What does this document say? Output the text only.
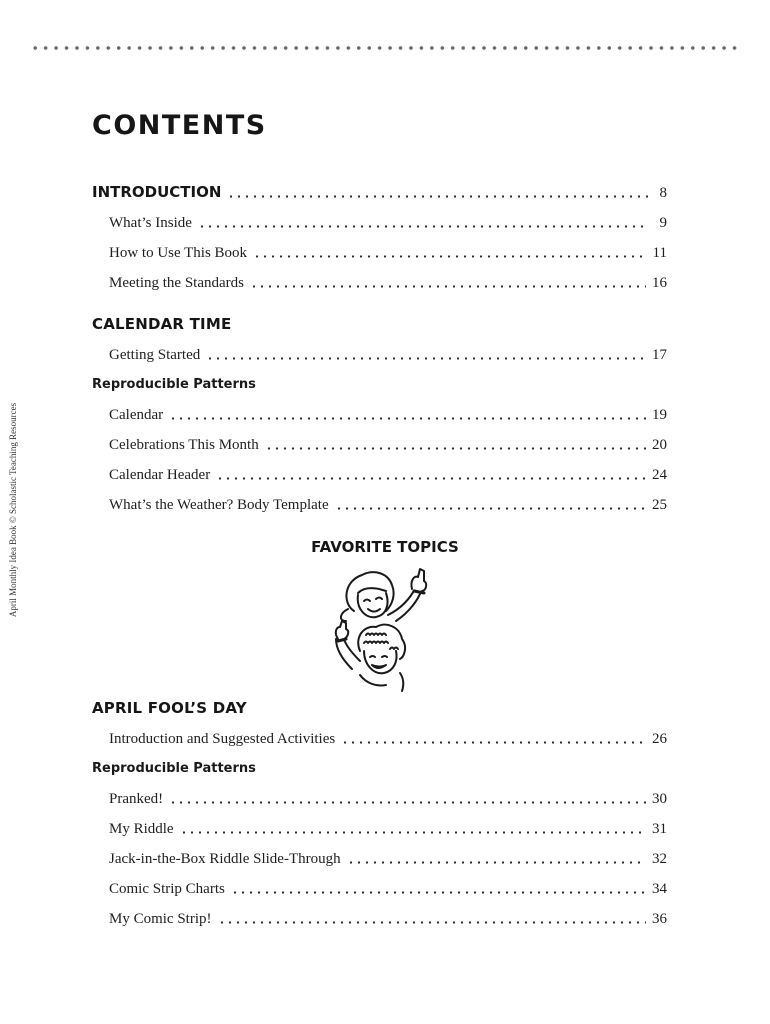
April Monthly Idea Book © Scholastic Teaching Resources
CONTENTS
INTRODUCTION	8
What’s Inside	9
How to Use This Book	11
Meeting the Standards	16
CALENDAR TIME
Getting Started	17
Reproducible Patterns
Calendar	19
Celebrations This Month	20
Calendar Header	24
What’s the Weather? Body Template	25
FAVORITE TOPICS
APRIL FOOL’S DAY
Introduction and Suggested Activities	26
Reproducible Patterns
Pranked!	30
My Riddle	31
Jack-in-the-Box Riddle Slide-Through	32
Comic Strip Charts	34
My Comic Strip!	36
